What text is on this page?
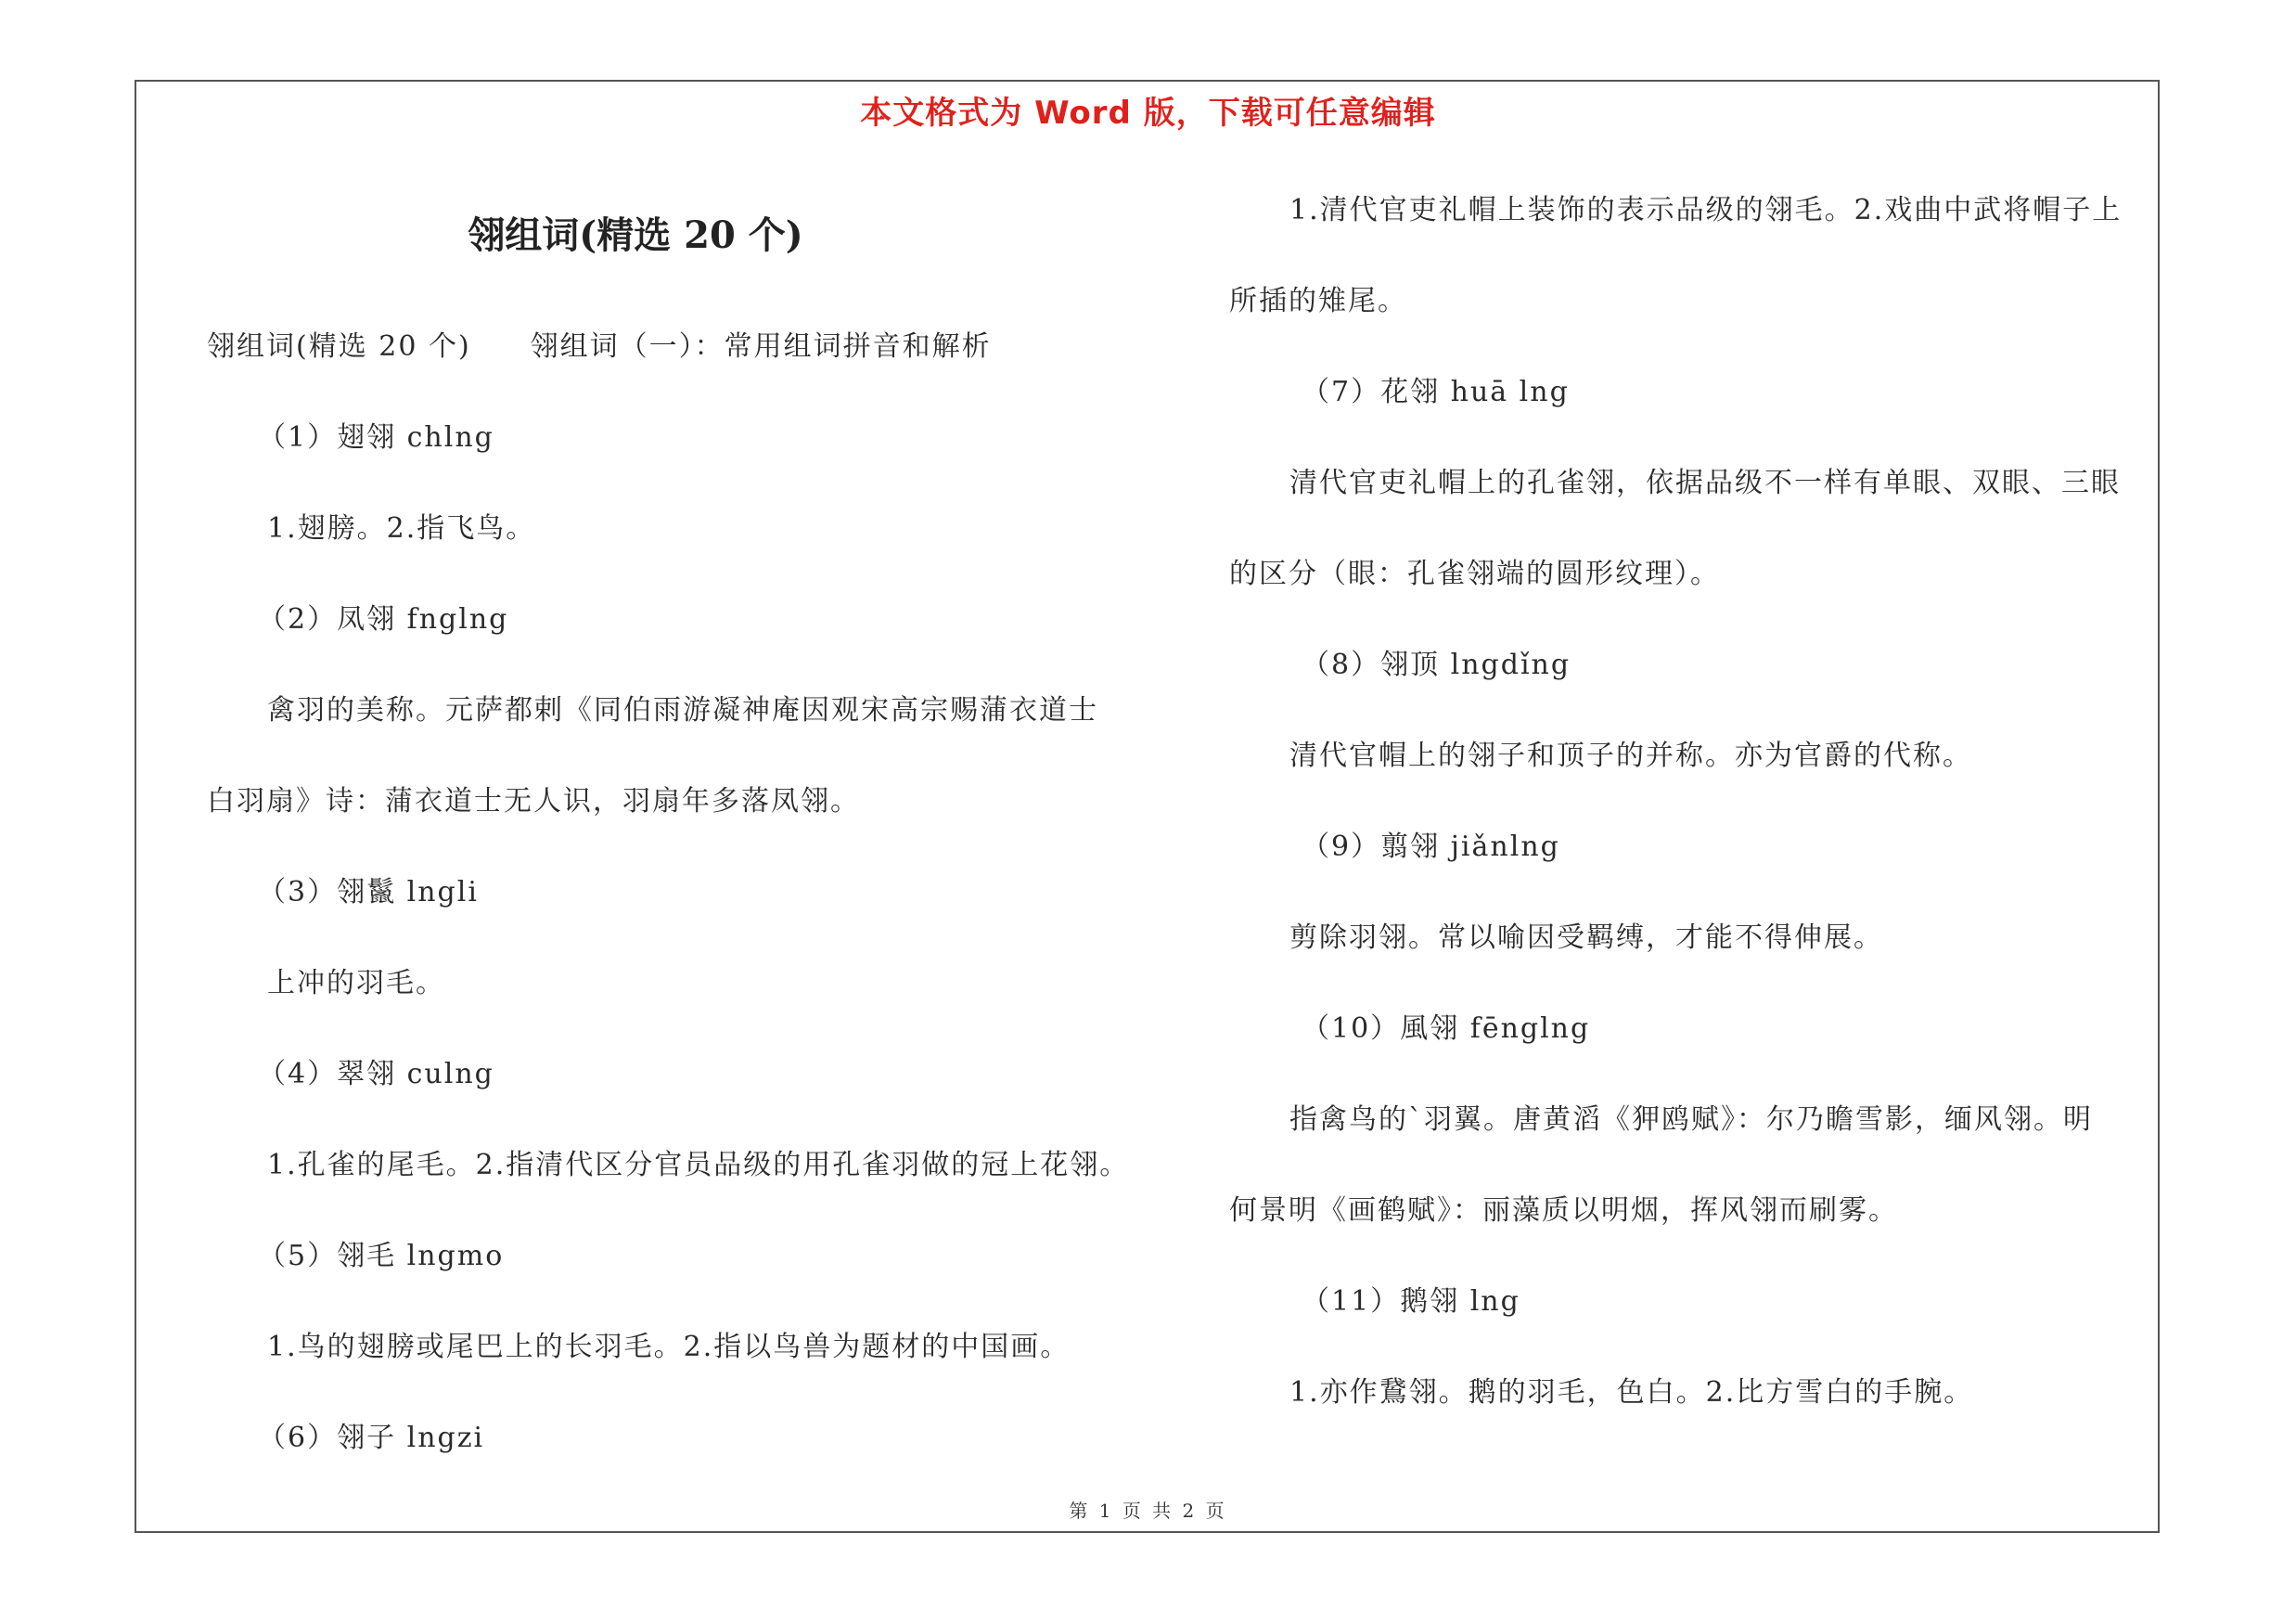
本文格式为 Word 版，下载可任意编辑
翎组词(精选 20 个)

翎组词(精选 20 个)　　翎组词（一）：常用组词拼音和解析

（1）翅翎 chlng

1.翅膀。2.指飞鸟。

（2）凤翎 fnglng

禽羽的美称。元萨都剌《同伯雨游凝神庵因观宋高宗赐蒲衣道士

白羽扇》诗：蒲衣道士无人识，羽扇年多落凤翎。

（3）翎鬣 lngli

上冲的羽毛。

（4）翠翎 culng

1.孔雀的尾毛。2.指清代区分官员品级的用孔雀羽做的冠上花翎。

（5）翎毛 lngmo

1.鸟的翅膀或尾巴上的长羽毛。2.指以鸟兽为题材的中国画。

（6）翎子 lngzi

1.清代官吏礼帽上装饰的表示品级的翎毛。2.戏曲中武将帽子上

所插的雉尾。

（7）花翎 huā lng

清代官吏礼帽上的孔雀翎，依据品级不一样有单眼、双眼、三眼

的区分（眼：孔雀翎端的圆形纹理）。

（8）翎顶 lngdǐng

清代官帽上的翎子和顶子的并称。亦为官爵的代称。

（9）翦翎 jiǎnlng

剪除羽翎。常以喻因受羁缚，才能不得伸展。

（10）風翎 fēnglng

指禽鸟的`羽翼。唐黄滔《狎鸥赋》：尔乃瞻雪影，缅风翎。明

何景明《画鹤赋》：丽藻质以明烟，挥风翎而刷雾。

（11）鹅翎 lng

1.亦作鵞翎。鹅的羽毛，色白。2.比方雪白的手腕。

第 1 页 共 2 页
